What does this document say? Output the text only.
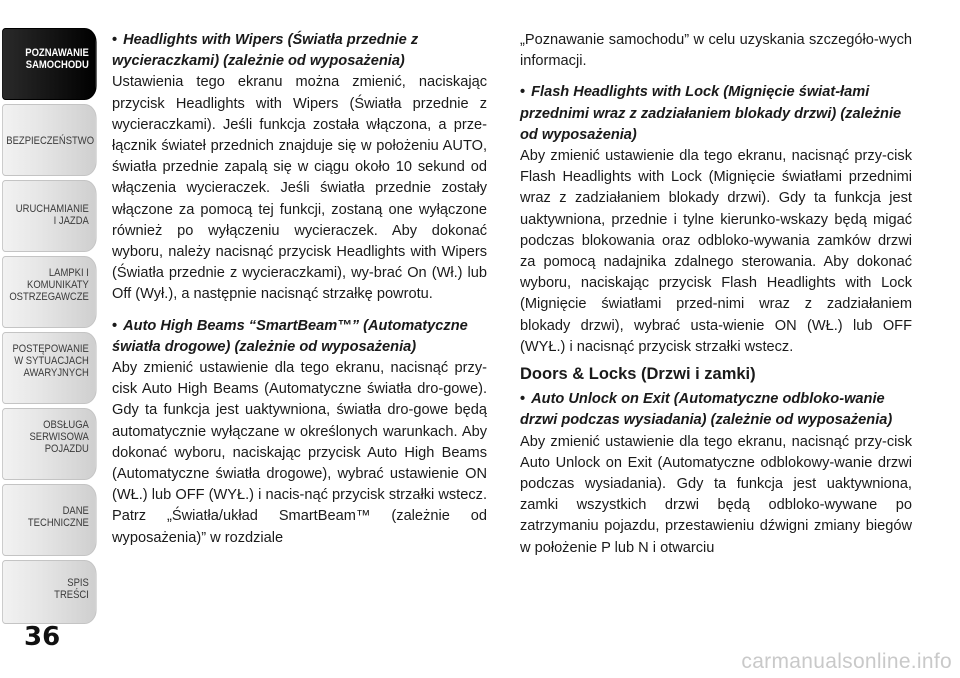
POZNAWANIE
SAMOCHODU
BEZPIECZEŃSTWO
URUCHAMIANIE
I JAZDA
LAMPKI I
KOMUNIKATY
OSTRZEGAWCZE
POSTĘPOWANIE
W SYTUACJACH
AWARYJNYCH
OBSŁUGA
SERWISOWA
POJAZDU
DANE
TECHNICZNE
SPIS
TREŚCI
36

• Headlights with Wipers (Światła przednie z wycieraczkami) (zależnie od wyposażenia)

Ustawienia tego ekranu można zmienić, naciskając przycisk Headlights with Wipers (Światła przednie z wycieraczkami). Jeśli funkcja została włączona, a prze-łącznik świateł przednich znajduje się w położeniu AUTO, światła przednie zapalą się w ciągu około 10 sekund od włączenia wycieraczek. Jeśli światła przednie zostały włączone za pomocą tej funkcji, zostaną one wyłączone również po wyłączeniu wycieraczek. Aby dokonać wyboru, należy nacisnąć przycisk Headlights with Wipers (Światła przednie z wycieraczkami), wy-brać On (Wł.) lub Off (Wył.), a następnie nacisnąć strzałkę powrotu.

• Auto High Beams “SmartBeam™” (Automatyczne światła drogowe) (zależnie od wyposażenia)

Aby zmienić ustawienie dla tego ekranu, nacisnąć przy-cisk Auto High Beams (Automatyczne światła dro-gowe). Gdy ta funkcja jest uaktywniona, światła dro-gowe będą automatycznie wyłączane w określonych warunkach. Aby dokonać wyboru, naciskając przycisk Auto High Beams (Automatyczne światła drogowe), wybrać ustawienie ON (WŁ.) lub OFF (WYŁ.) i nacis-nąć przycisk strzałki wstecz. Patrz „Światła/układ SmartBeam™ (zależnie od wyposażenia)” w rozdziale

„Poznawanie samochodu” w celu uzyskania szczegóło-wych informacji.

• Flash Headlights with Lock (Mignięcie świat-łami przednimi wraz z zadziałaniem blokady drzwi) (zależnie od wyposażenia)

Aby zmienić ustawienie dla tego ekranu, nacisnąć przy-cisk Flash Headlights with Lock (Mignięcie światłami przednimi wraz z zadziałaniem blokady drzwi). Gdy ta funkcja jest uaktywniona, przednie i tylne kierunko-wskazy będą migać podczas blokowania oraz odbloko-wywania zamków drzwi za pomocą nadajnika zdalnego sterowania. Aby dokonać wyboru, naciskając przycisk Flash Headlights with Lock (Mignięcie światłami przed-nimi wraz z zadziałaniem blokady drzwi), wybrać usta-wienie ON (WŁ.) lub OFF (WYŁ.) i nacisnąć przycisk strzałki wstecz.

Doors & Locks (Drzwi i zamki)

• Auto Unlock on Exit (Automatyczne odbloko-wanie drzwi podczas wysiadania) (zależnie od wyposażenia)

Aby zmienić ustawienie dla tego ekranu, nacisnąć przy-cisk Auto Unlock on Exit (Automatyczne odblokowy-wanie drzwi podczas wysiadania). Gdy ta funkcja jest uaktywniona, zamki wszystkich drzwi będą odbloko-wywane po zatrzymaniu pojazdu, przestawieniu dźwigni zmiany biegów w położenie P lub N i otwarciu

carmanualsonline.info
